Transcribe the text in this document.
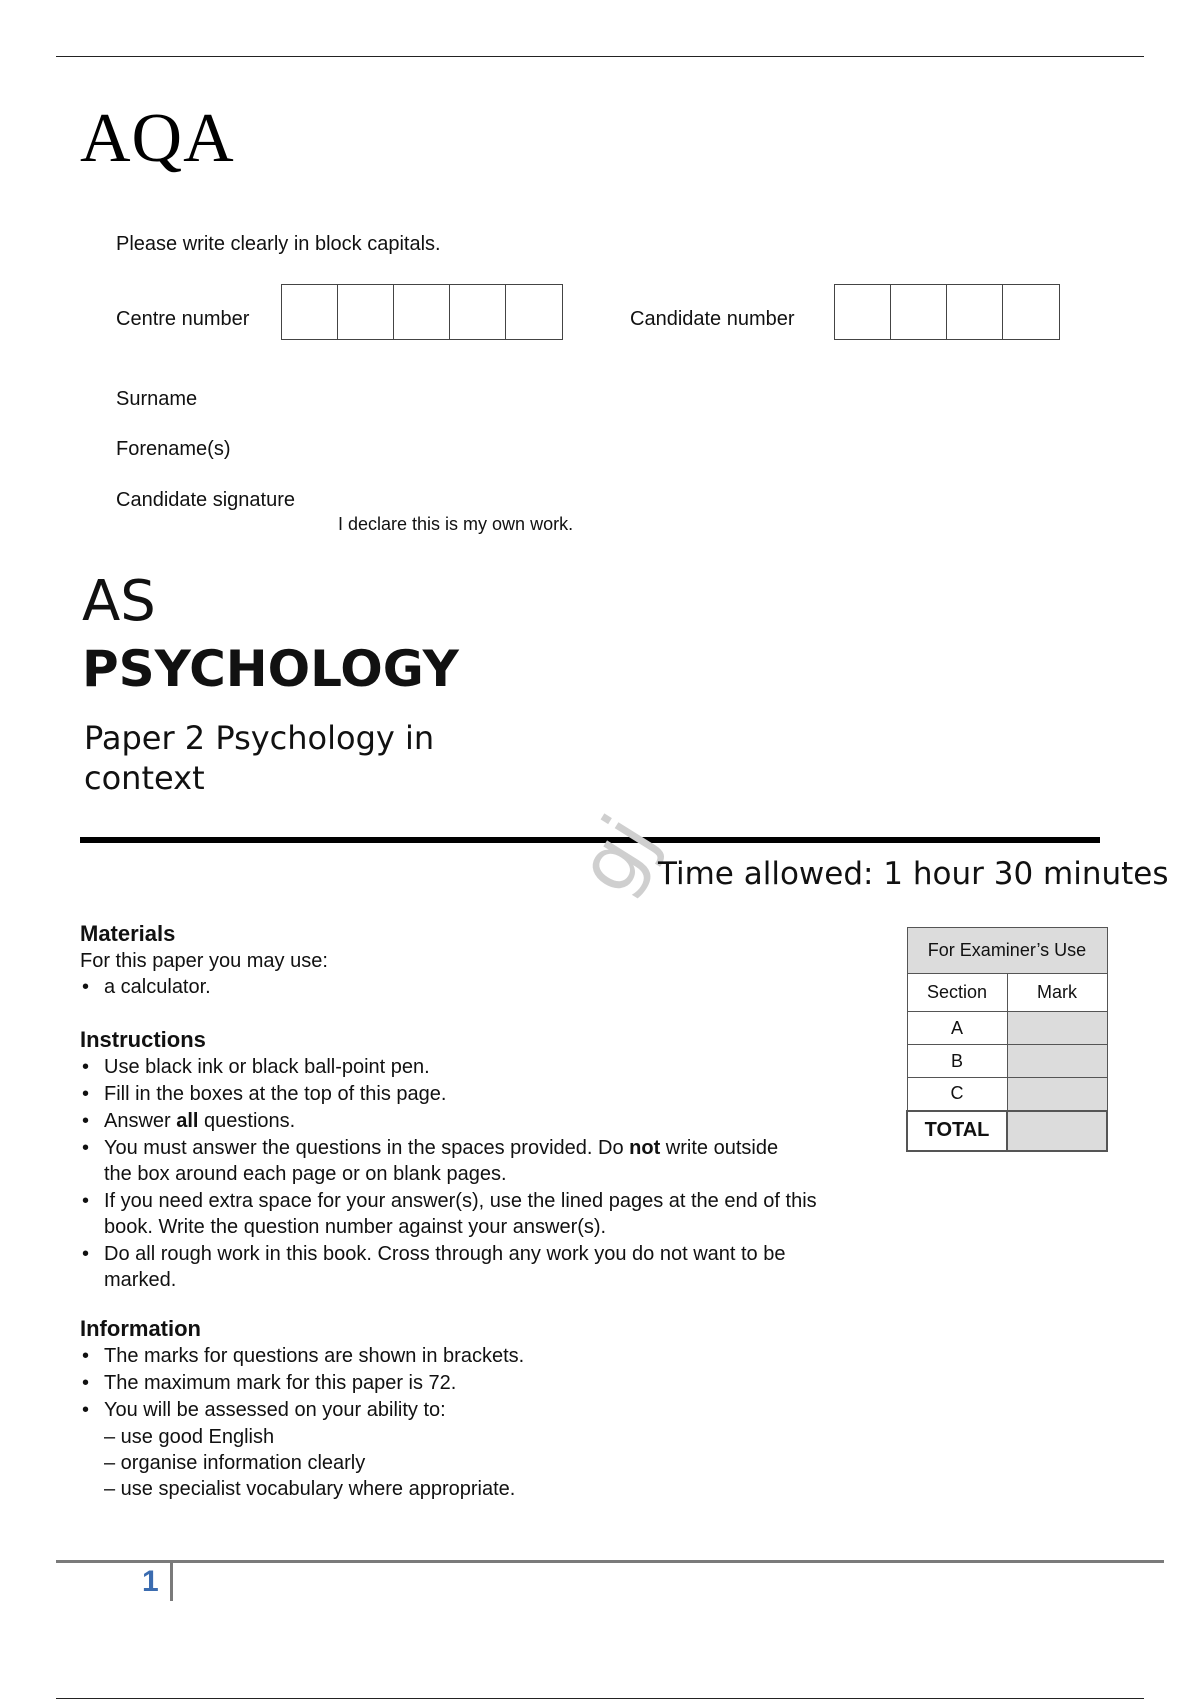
AQA
Please write clearly in block capitals.
Centre number	Candidate number
Surname
Forename(s)
Candidate signature
I declare this is my own work.
AS
PSYCHOLOGY
Paper 2 Psychology in context
gj
Time allowed: 1 hour 30 minutes
Materials

For this paper you may use:

• a calculator.
Instructions
• Use black ink or black ball-point pen.
• Fill in the boxes at the top of this page.
• Answer all questions.
• You must answer the questions in the spaces provided. Do not write outside the box around each page or on blank pages.
• If you need extra space for your answer(s), use the lined pages at the end of this book. Write the question number against your answer(s).
• Do all rough work in this book. Cross through any work you do not want to be marked.
Information
• The marks for questions are shown in brackets.
• The maximum mark for this paper is 72.
• You will be assessed on your ability to:
– use good English
– organise information clearly
– use specialist vocabulary where appropriate.
For Examiner’s Use	
Section	Mark
A	
B	
C	
TOTAL	
1
